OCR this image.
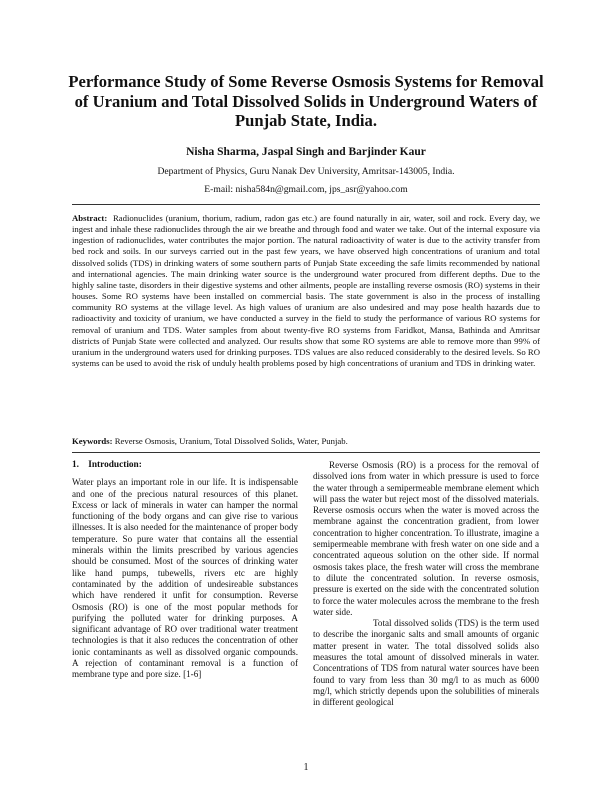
Performance Study of Some Reverse Osmosis Systems for Removal of Uranium and Total Dissolved Solids in Underground Waters of Punjab State, India.

Nisha Sharma, Jaspal Singh and Barjinder Kaur

Department of Physics, Guru Nanak Dev University, Amritsar-143005, India.

E-mail: nisha584n@gmail.com, jps_asr@yahoo.com

Abstract: Radionuclides (uranium, thorium, radium, radon gas etc.) are found naturally in air, water, soil and rock. Every day, we ingest and inhale these radionuclides through the air we breathe and through food and water we take. Out of the internal exposure via ingestion of radionuclides, water contributes the major portion. The natural radioactivity of water is due to the activity transfer from bed rock and soils. In our surveys carried out in the past few years, we have observed high concentrations of uranium and total dissolved solids (TDS) in drinking waters of some southern parts of Punjab State exceeding the safe limits recommended by national and international agencies. The main drinking water source is the underground water procured from different depths. Due to the highly saline taste, disorders in their digestive systems and other ailments, people are installing reverse osmosis (RO) systems in their houses. Some RO systems have been installed on commercial basis. The state government is also in the process of installing community RO systems at the village level. As high values of uranium are also undesired and may pose health hazards due to radioactivity and toxicity of uranium, we have conducted a survey in the field to study the performance of various RO systems for removal of uranium and TDS. Water samples from about twenty-five RO systems from Faridkot, Mansa, Bathinda and Amritsar districts of Punjab State were collected and analyzed. Our results show that some RO systems are able to remove more than 99% of uranium in the underground waters used for drinking purposes. TDS values are also reduced considerably to the desired levels. So RO systems can be used to avoid the risk of unduly health problems posed by high concentrations of uranium and TDS in drinking water.

Keywords: Reverse Osmosis, Uranium, Total Dissolved Solids, Water, Punjab.

1.    Introduction:

Water plays an important role in our life. It is indispensable and one of the precious natural resources of this planet. Excess or lack of minerals in water can hamper the normal functioning of the body organs and can give rise to various illnesses. It is also needed for the maintenance of proper body temperature. So pure water that contains all the essential minerals within the limits prescribed by various agencies should be consumed. Most of the sources of drinking water like hand pumps, tubewells, rivers etc are highly contaminated by the addition of undesireable substances which have rendered it unfit for consumption. Reverse Osmosis (RO) is one of the most popular methods for purifying the polluted water for drinking purposes. A significant advantage of RO over traditional water treatment technologies is that it also reduces the concentration of other ionic contaminants as well as dissolved organic compounds. A rejection of contaminant removal is a function of membrane type and pore size. [1-6]

Reverse Osmosis (RO) is a process for the removal of dissolved ions from water in which pressure is used to force the water through a semipermeable membrane element which will pass the water but reject most of the dissolved materials. Reverse osmosis occurs when the water is moved across the membrane against the concentration gradient, from lower concentration to higher concentration. To illustrate, imagine a semipermeable membrane with fresh water on one side and a concentrated aqueous solution on the other side. If normal osmosis takes place, the fresh water will cross the membrane to dilute the concentrated solution. In reverse osmosis, pressure is exerted on the side with the concentrated solution to force the water molecules across the membrane to the fresh water side.

Total dissolved solids (TDS) is the term used to describe the inorganic salts and small amounts of organic matter present in water. The total dissolved solids also measures the total amount of dissolved minerals in water. Concentrations of TDS from natural water sources have been found to vary from less than 30 mg/l to as much as 6000 mg/l, which strictly depends upon the solubilities of minerals in different geological

1
